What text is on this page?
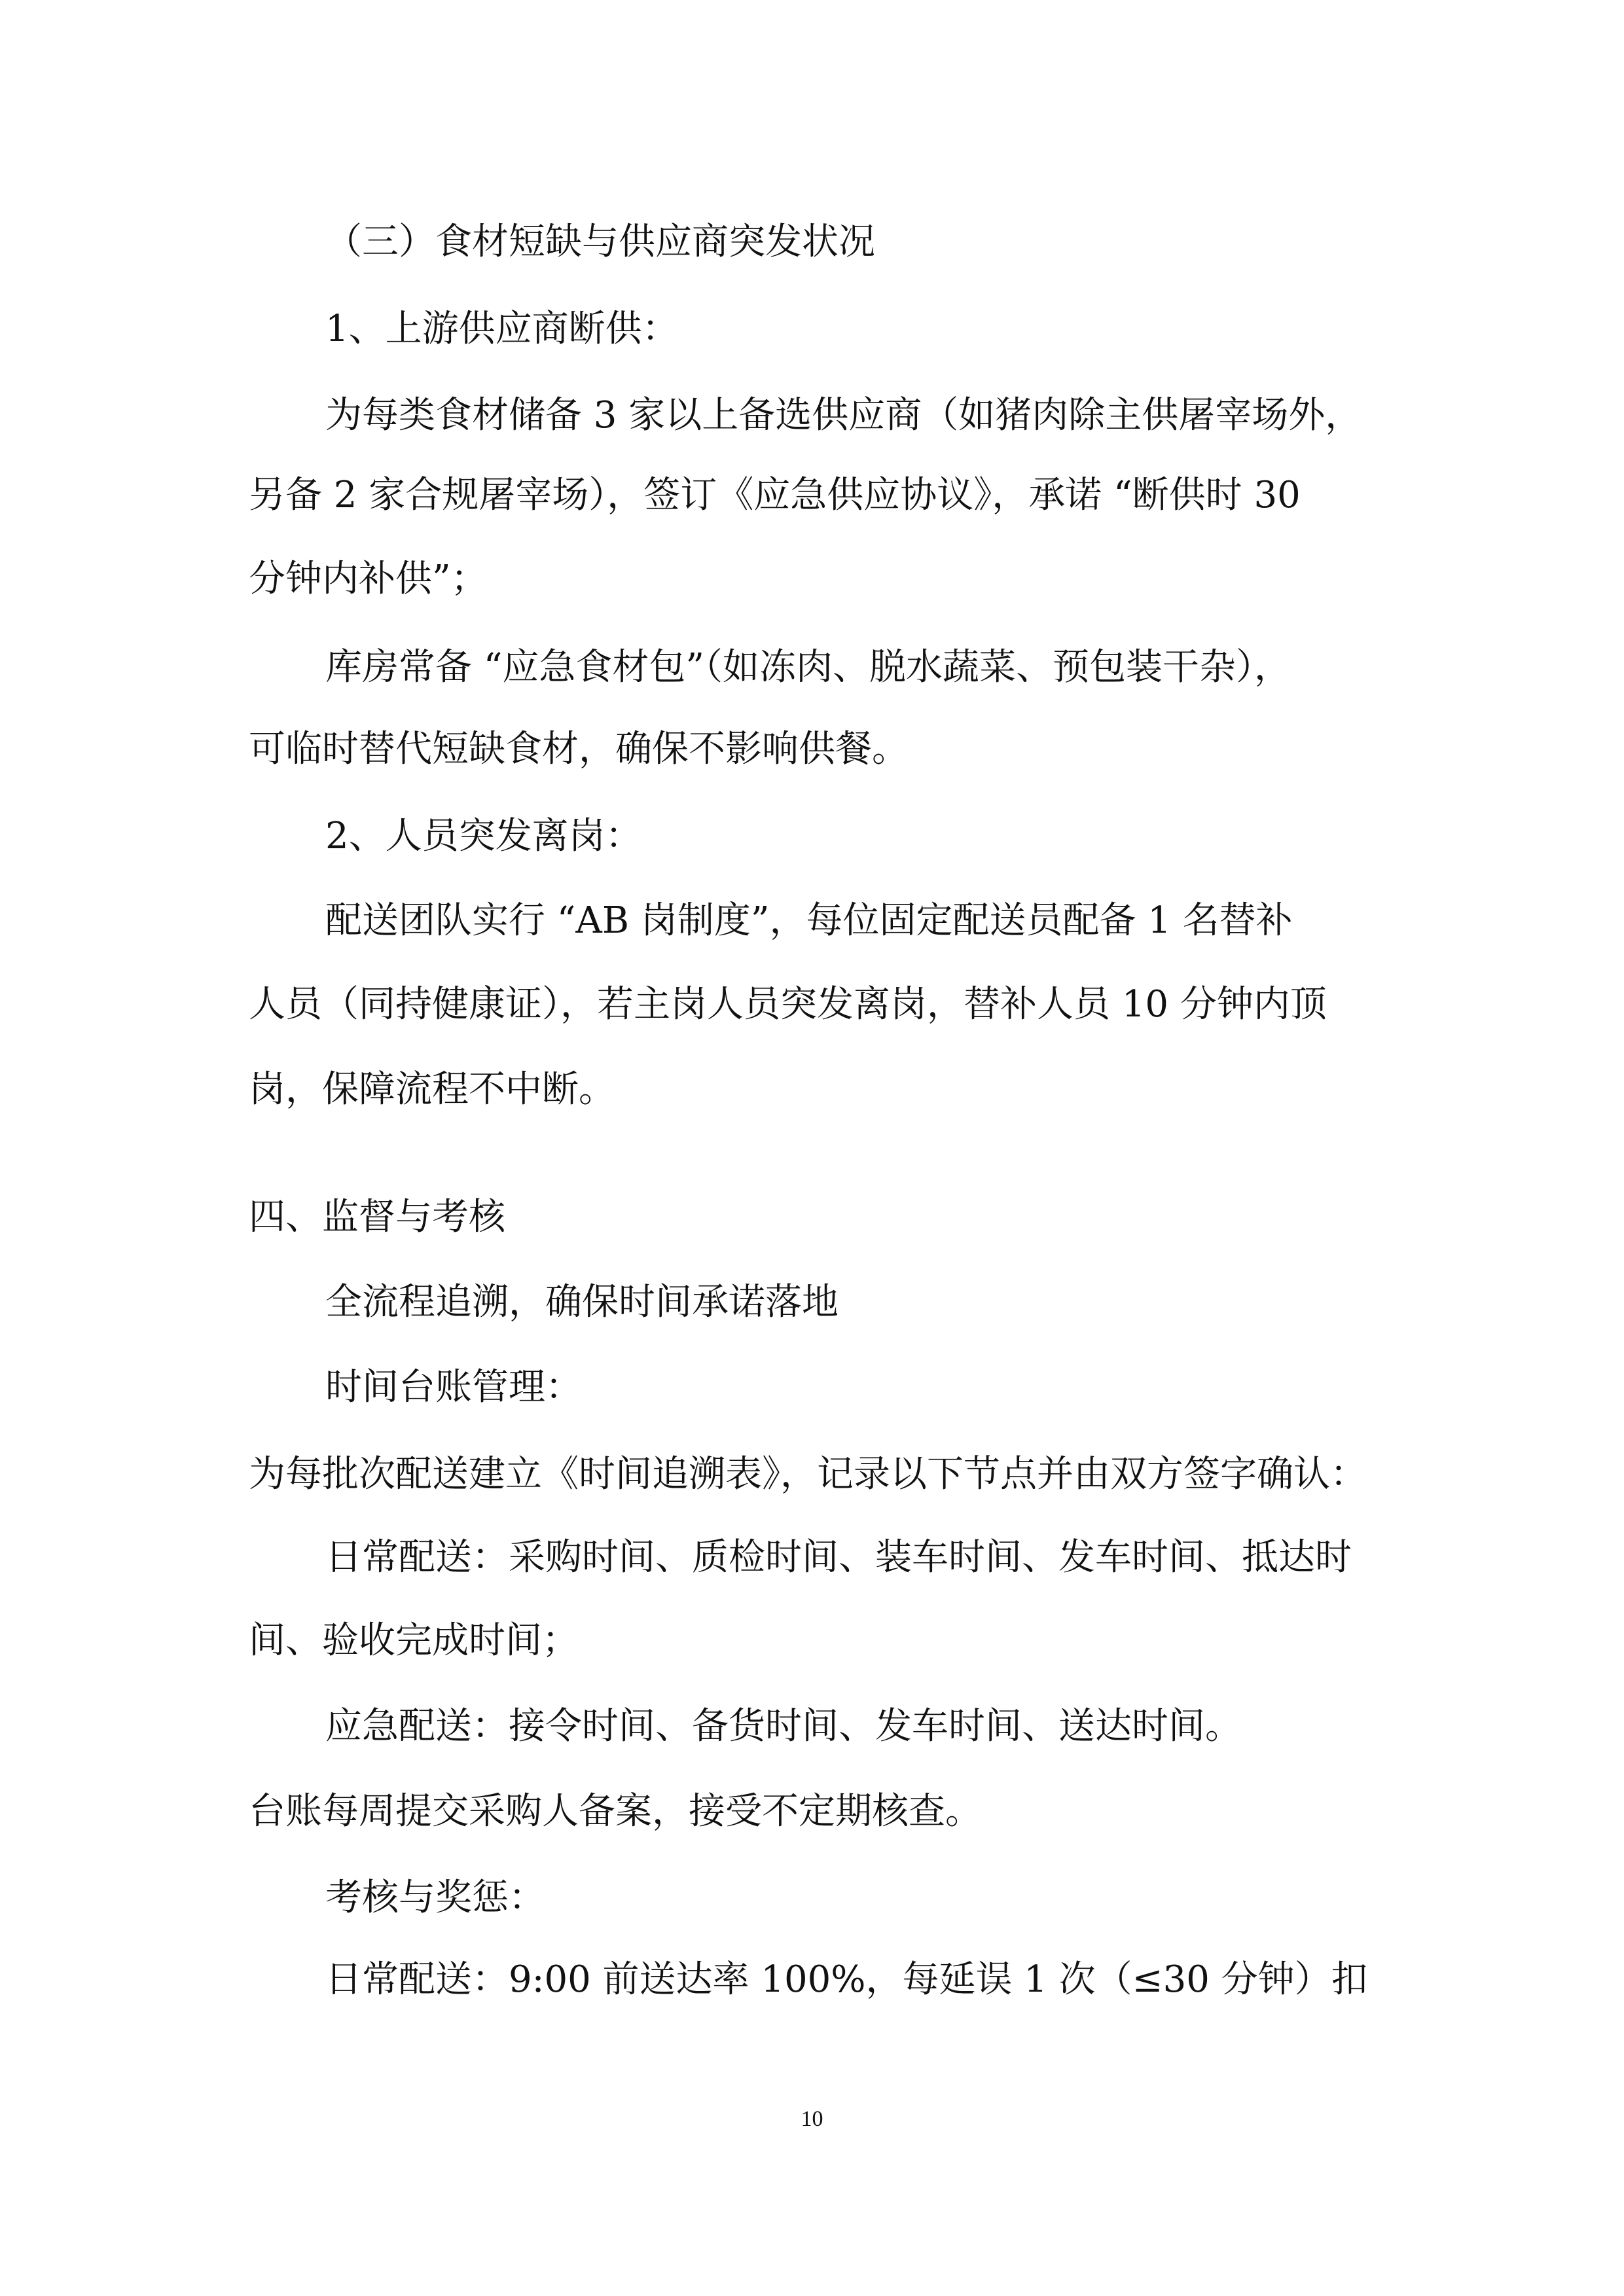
（三）食材短缺与供应商突发状况

1、上游供应商断供：

为每类食材储备 3 家以上备选供应商（如猪肉除主供屠宰场外，

另备 2 家合规屠宰场），签订《应急供应协议》，承诺 “断供时 30

分钟内补供”；

库房常备 “应急食材包”（如冻肉、脱水蔬菜、预包装干杂），

可临时替代短缺食材，确保不影响供餐。

2、人员突发离岗：

配送团队实行 “AB 岗制度”，每位固定配送员配备 1 名替补

人员（同持健康证），若主岗人员突发离岗，替补人员 10 分钟内顶

岗，保障流程不中断。

四、监督与考核

全流程追溯，确保时间承诺落地

时间台账管理：

为每批次配送建立《时间追溯表》，记录以下节点并由双方签字确认：

日常配送：采购时间、质检时间、装车时间、发车时间、抵达时

间、验收完成时间；

应急配送：接令时间、备货时间、发车时间、送达时间。

台账每周提交采购人备案，接受不定期核查。

考核与奖惩：

日常配送：9:00 前送达率 100%，每延误 1 次（≤30 分钟）扣

10
